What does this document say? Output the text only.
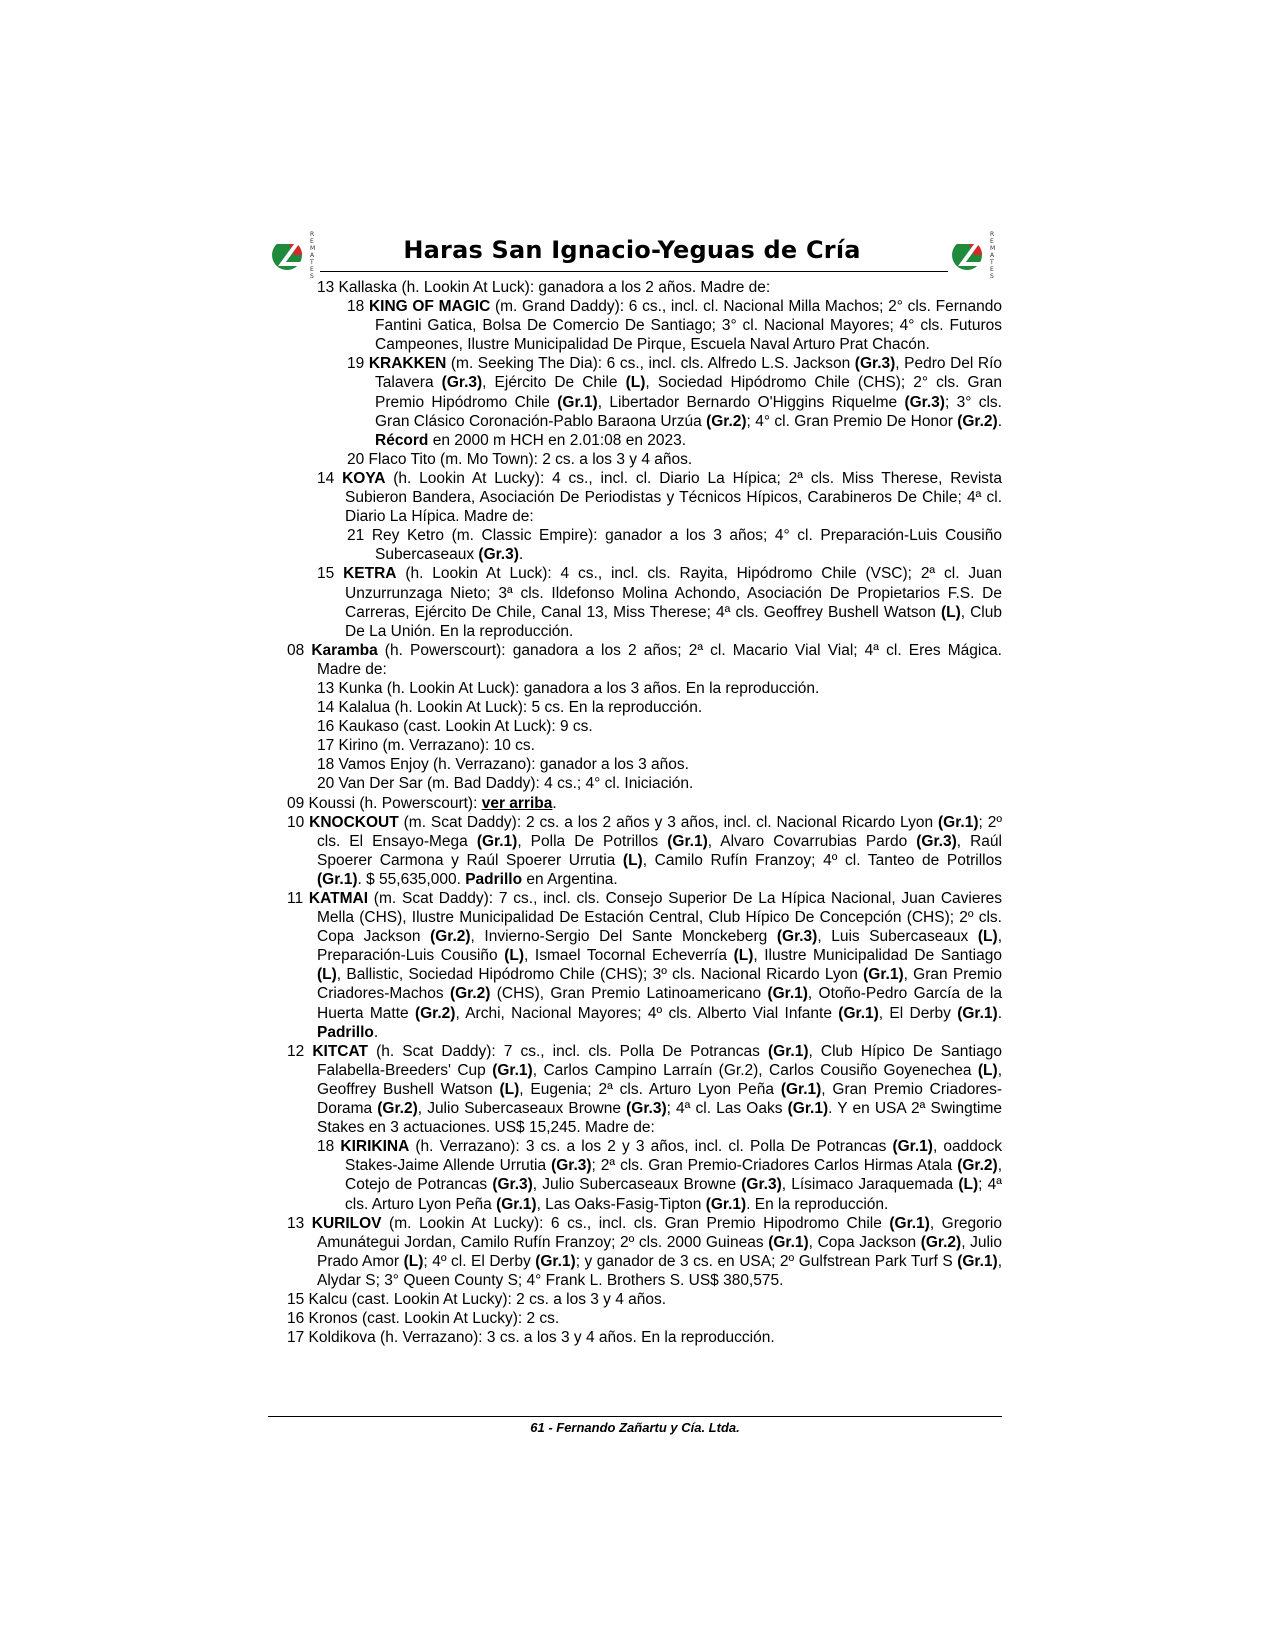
R
E
M
A
T
E
S
Haras San Ignacio-Yeguas de Cría
R
E
M
A
T
E
S
13 Kallaska (h. Lookin At Luck): ganadora a los 2 años. Madre de:
18 KING OF MAGIC (m. Grand Daddy): 6 cs., incl. cl. Nacional Milla Machos; 2° cls. Fernando Fantini Gatica, Bolsa De Comercio De Santiago; 3° cl. Nacional Mayores; 4° cls. Futuros Campeones, Ilustre Municipalidad De Pirque, Escuela Naval Arturo Prat Chacón.
19 KRAKKEN (m. Seeking The Dia): 6 cs., incl. cls. Alfredo L.S. Jackson (Gr.3), Pedro Del Río Talavera (Gr.3), Ejército De Chile (L), Sociedad Hipódromo Chile (CHS); 2° cls. Gran Premio Hipódromo Chile (Gr.1), Libertador Bernardo O'Higgins Riquelme (Gr.3); 3° cls. Gran Clásico Coronación-Pablo Baraona Urzúa (Gr.2); 4° cl. Gran Premio De Honor (Gr.2). Récord en 2000 m HCH en 2.01:08 en 2023.
20 Flaco Tito (m. Mo Town): 2 cs. a los 3 y 4 años.
14 KOYA (h. Lookin At Lucky): 4 cs., incl. cl. Diario La Hípica; 2ª cls. Miss Therese, Revista Subieron Bandera, Asociación De Periodistas y Técnicos Hípicos, Carabineros De Chile; 4ª cl. Diario La Hípica. Madre de:
21 Rey Ketro (m. Classic Empire): ganador a los 3 años; 4° cl. Preparación-Luis Cousiño Subercaseaux (Gr.3).
15 KETRA (h. Lookin At Luck): 4 cs., incl. cls. Rayita, Hipódromo Chile (VSC); 2ª cl. Juan Unzurrunzaga Nieto; 3ª cls. Ildefonso Molina Achondo, Asociación De Propietarios F.S. De Carreras, Ejército De Chile, Canal 13, Miss Therese; 4ª cls. Geoffrey Bushell Watson (L), Club De La Unión. En la reproducción.
08 Karamba (h. Powerscourt): ganadora a los 2 años; 2ª cl. Macario Vial Vial; 4ª cl. Eres Mágica. Madre de:
13 Kunka (h. Lookin At Luck): ganadora a los 3 años. En la reproducción.
14 Kalalua (h. Lookin At Luck): 5 cs. En la reproducción.
16 Kaukaso (cast. Lookin At Luck): 9 cs.
17 Kirino (m. Verrazano): 10 cs.
18 Vamos Enjoy (h. Verrazano): ganador a los 3 años.
20 Van Der Sar (m. Bad Daddy): 4 cs.; 4° cl. Iniciación.
09 Koussi (h. Powerscourt): ver arriba.
10 KNOCKOUT (m. Scat Daddy): 2 cs. a los 2 años y 3 años, incl. cl. Nacional Ricardo Lyon (Gr.1); 2º cls. El Ensayo-Mega (Gr.1), Polla De Potrillos (Gr.1), Alvaro Covarrubias Pardo (Gr.3), Raúl Spoerer Carmona y Raúl Spoerer Urrutia (L), Camilo Rufín Franzoy; 4º cl. Tanteo de Potrillos (Gr.1). $ 55,635,000. Padrillo en Argentina.
11 KATMAI (m. Scat Daddy): 7 cs., incl. cls. Consejo Superior De La Hípica Nacional, Juan Cavieres Mella (CHS), Ilustre Municipalidad De Estación Central, Club Hípico De Concepción (CHS); 2º cls. Copa Jackson (Gr.2), Invierno-Sergio Del Sante Monckeberg (Gr.3), Luis Subercaseaux (L), Preparación-Luis Cousiño (L), Ismael Tocornal Echeverría (L), Ilustre Municipalidad De Santiago (L), Ballistic, Sociedad Hipódromo Chile (CHS); 3º cls. Nacional Ricardo Lyon (Gr.1), Gran Premio Criadores-Machos (Gr.2) (CHS), Gran Premio Latinoamericano (Gr.1), Otoño-Pedro García de la Huerta Matte (Gr.2), Archi, Nacional Mayores; 4º cls. Alberto Vial Infante (Gr.1), El Derby (Gr.1). Padrillo.
12 KITCAT (h. Scat Daddy): 7 cs., incl. cls. Polla De Potrancas (Gr.1), Club Hípico De Santiago Falabella-Breeders' Cup (Gr.1), Carlos Campino Larraín (Gr.2), Carlos Cousiño Goyenechea (L), Geoffrey Bushell Watson (L), Eugenia; 2ª cls. Arturo Lyon Peña (Gr.1), Gran Premio Criadores-Dorama (Gr.2), Julio Subercaseaux Browne (Gr.3); 4ª cl. Las Oaks (Gr.1). Y en USA 2ª Swingtime Stakes en 3 actuaciones. US$ 15,245. Madre de:
18 KIRIKINA (h. Verrazano): 3 cs. a los 2 y 3 años, incl. cl. Polla De Potrancas (Gr.1), oaddock Stakes-Jaime Allende Urrutia (Gr.3); 2ª cls. Gran Premio-Criadores Carlos Hirmas Atala (Gr.2), Cotejo de Potrancas (Gr.3), Julio Subercaseaux Browne (Gr.3), Lísimaco Jaraquemada (L); 4ª cls. Arturo Lyon Peña (Gr.1), Las Oaks-Fasig-Tipton (Gr.1). En la reproducción.
13 KURILOV (m. Lookin At Lucky): 6 cs., incl. cls. Gran Premio Hipodromo Chile (Gr.1), Gregorio Amunátegui Jordan, Camilo Rufín Franzoy; 2º cls. 2000 Guineas (Gr.1), Copa Jackson (Gr.2), Julio Prado Amor (L); 4º cl. El Derby (Gr.1); y ganador de 3 cs. en USA; 2º Gulfstrean Park Turf S (Gr.1), Alydar S; 3° Queen County S; 4° Frank L. Brothers S. US$ 380,575.
15 Kalcu (cast. Lookin At Lucky): 2 cs. a los 3 y 4 años.
16 Kronos (cast. Lookin At Lucky): 2 cs.
17 Koldikova (h. Verrazano): 3 cs. a los 3 y 4 años. En la reproducción.
61 - Fernando Zañartu y Cía. Ltda.
